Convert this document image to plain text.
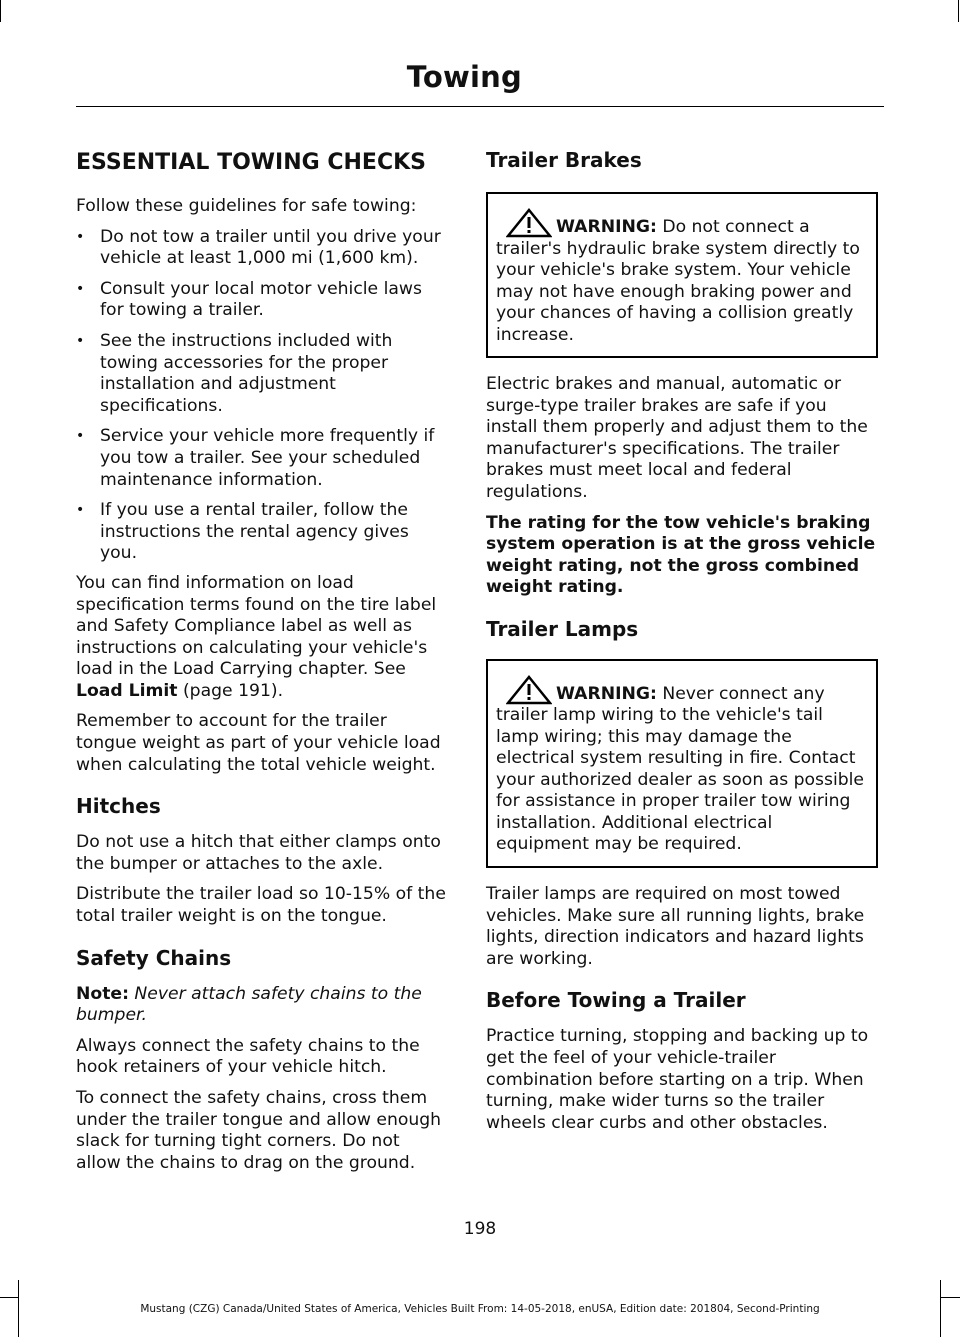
Towing
ESSENTIAL TOWING CHECKS

Follow these guidelines for safe towing:

• Do not tow a trailer until you drive your vehicle at least 1,000 mi (1,600 km).
• Consult your local motor vehicle laws for towing a trailer.
• See the instructions included with towing accessories for the proper installation and adjustment specifications.
• Service your vehicle more frequently if you tow a trailer. See your scheduled maintenance information.
• If you use a rental trailer, follow the instructions the rental agency gives you.

You can find information on load specification terms found on the tire label and Safety Compliance label as well as instructions on calculating your vehicle's load in the Load Carrying chapter. See Load Limit (page 191).

Remember to account for the trailer tongue weight as part of your vehicle load when calculating the total vehicle weight.

Hitches

Do not use a hitch that either clamps onto the bumper or attaches to the axle.

Distribute the trailer load so 10-15% of the total trailer weight is on the tongue.

Safety Chains

Note: Never attach safety chains to the bumper.

Always connect the safety chains to the hook retainers of your vehicle hitch.

To connect the safety chains, cross them under the trailer tongue and allow enough slack for turning tight corners. Do not allow the chains to drag on the ground.

Trailer Brakes

WARNING: Do not connect a trailer's hydraulic brake system directly to your vehicle's brake system. Your vehicle may not have enough braking power and your chances of having a collision greatly increase.

Electric brakes and manual, automatic or surge-type trailer brakes are safe if you install them properly and adjust them to the manufacturer's specifications. The trailer brakes must meet local and federal regulations.

The rating for the tow vehicle's braking system operation is at the gross vehicle weight rating, not the gross combined weight rating.

Trailer Lamps

WARNING: Never connect any trailer lamp wiring to the vehicle's tail lamp wiring; this may damage the electrical system resulting in fire. Contact your authorized dealer as soon as possible for assistance in proper trailer tow wiring installation. Additional electrical equipment may be required.

Trailer lamps are required on most towed vehicles. Make sure all running lights, brake lights, direction indicators and hazard lights are working.

Before Towing a Trailer

Practice turning, stopping and backing up to get the feel of your vehicle-trailer combination before starting on a trip. When turning, make wider turns so the trailer wheels clear curbs and other obstacles.

198
Mustang (CZG) Canada/United States of America, Vehicles Built From: 14-05-2018, enUSA, Edition date: 201804, Second-Printing
